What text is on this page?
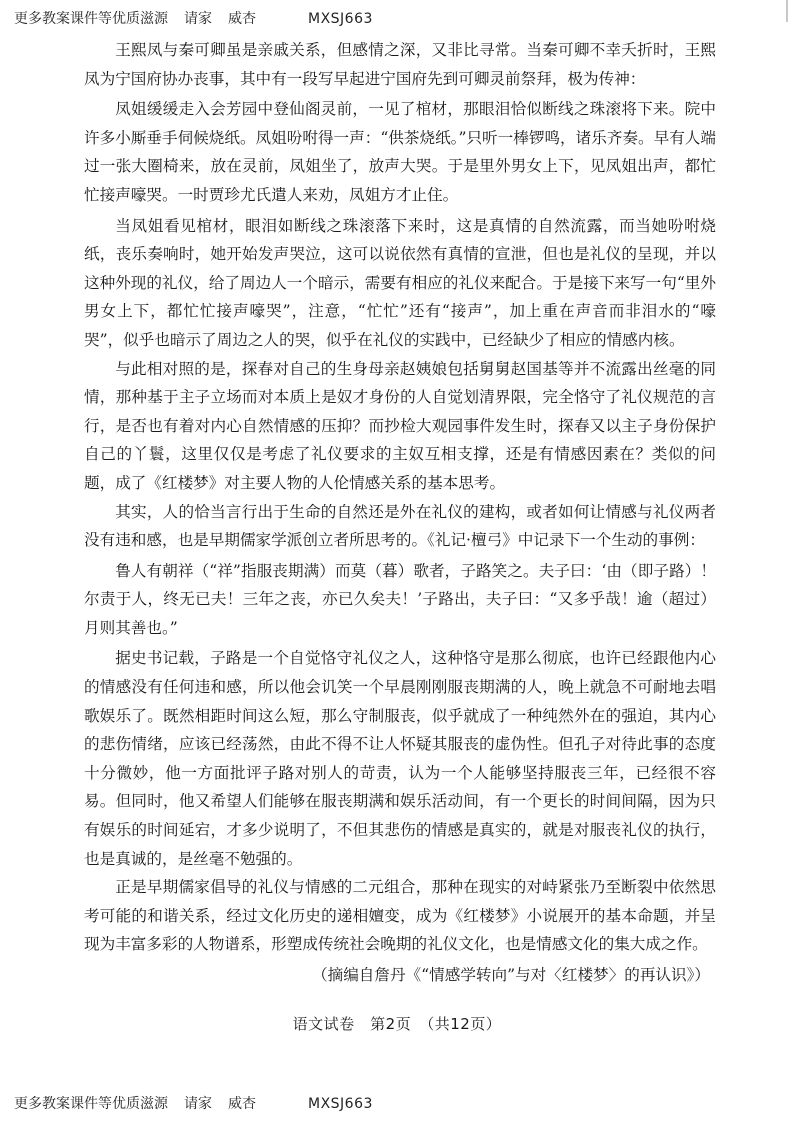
更多教案课件等优质滋源 请家 威杏	MXSJ663

王熙凤与秦可卿虽是亲戚关系，但感情之深，又非比寻常。当秦可卿不幸夭折时，王熙凤为宁国府协办丧事，其中有一段写早起进宁国府先到可卿灵前祭拜，极为传神：

凤姐缓缓走入会芳园中登仙阁灵前，一见了棺材，那眼泪恰似断线之珠滚将下来。院中许多小厮垂手伺候烧纸。凤姐吩咐得一声：“供茶烧纸。”只听一棒锣鸣，诸乐齐奏。早有人端过一张大圈椅来，放在灵前，凤姐坐了，放声大哭。于是里外男女上下，见凤姐出声，都忙忙接声嚎哭。一时贾珍尤氏遣人来劝，凤姐方才止住。

当凤姐看见棺材，眼泪如断线之珠滚落下来时，这是真情的自然流露，而当她吩咐烧纸，丧乐奏响时，她开始发声哭泣，这可以说依然有真情的宣泄，但也是礼仪的呈现，并以这种外现的礼仪，给了周边人一个暗示，需要有相应的礼仪来配合。于是接下来写一句“里外男女上下，都忙忙接声嚎哭”，注意，“忙忙”还有“接声”，加上重在声音而非泪水的“嚎哭”，似乎也暗示了周边之人的哭，似乎在礼仪的实践中，已经缺少了相应的情感内核。

与此相对照的是，探春对自己的生身母亲赵姨娘包括舅舅赵国基等并不流露出丝毫的同情，那种基于主子立场而对本质上是奴才身份的人自觉划清界限，完全恪守了礼仪规范的言行，是否也有着对内心自然情感的压抑？而抄检大观园事件发生时，探春又以主子身份保护自己的丫鬟，这里仅仅是考虑了礼仪要求的主奴互相支撑，还是有情感因素在？类似的问题，成了《红楼梦》对主要人物的人伦情感关系的基本思考。

其实，人的恰当言行出于生命的自然还是外在礼仪的建构，或者如何让情感与礼仪两者没有违和感，也是早期儒家学派创立者所思考的。《礼记·檀弓》中记录下一个生动的事例：

鲁人有朝祥（“祥”指服丧期满）而莫（暮）歌者，子路笑之。夫子曰：‘由（即子路）！尔责于人，终无已夫！三年之丧，亦已久矣夫！’子路出，夫子曰：“又多乎哉！逾（超过）月则其善也。”

据史书记载，子路是一个自觉恪守礼仪之人，这种恪守是那么彻底，也许已经跟他内心的情感没有任何违和感，所以他会讥笑一个早晨刚刚服丧期满的人，晚上就急不可耐地去唱歌娱乐了。既然相距时间这么短，那么守制服丧，似乎就成了一种纯然外在的强迫，其内心的悲伤情绪，应该已经荡然，由此不得不让人怀疑其服丧的虚伪性。但孔子对待此事的态度十分微妙，他一方面批评子路对别人的苛责，认为一个人能够坚持服丧三年，已经很不容易。但同时，他又希望人们能够在服丧期满和娱乐活动间，有一个更长的时间间隔，因为只有娱乐的时间延宕，才多少说明了，不但其悲伤的情感是真实的，就是对服丧礼仪的执行，也是真诚的，是丝毫不勉强的。

正是早期儒家倡导的礼仪与情感的二元组合，那种在现实的对峙紧张乃至断裂中依然思考可能的和谐关系，经过文化历史的递相嬗变，成为《红楼梦》小说展开的基本命题，并呈现为丰富多彩的人物谱系，形塑成传统社会晚期的礼仪文化，也是情感文化的集大成之作。

（摘编自詹丹《“情感学转向”与对〈红楼梦〉的再认识》）

语文试卷　第2页　（共12页）
更多教案课件等优质滋源 请家 威杏	MXSJ663
